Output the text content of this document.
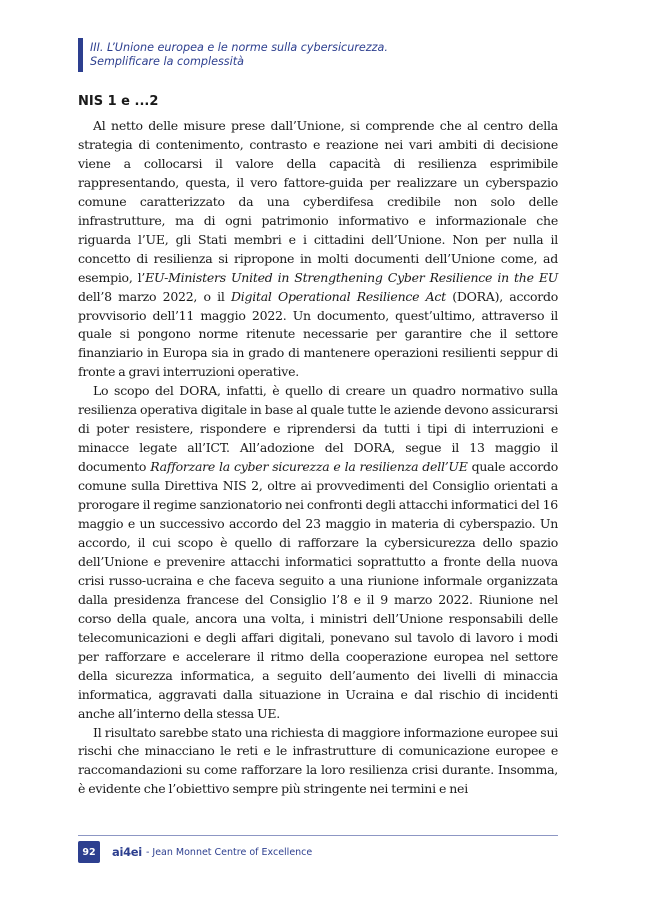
III. L’Unione europea e le norme sulla cybersicurezza.
Semplificare la complessità
NIS 1 e ...2

Al netto delle misure prese dall’Unione, si comprende che al centro della strategia di contenimento, contrasto e reazione nei vari ambiti di decisione viene a collocarsi il valore della capacità di resilienza esprimibile rappresentando, questa, il vero fattore-guida per realizzare un cyberspazio comune caratterizzato da una cyberdifesa credibile non solo delle infrastrutture, ma di ogni patrimonio informativo e informazionale che riguarda l’UE, gli Stati membri e i cittadini dell’Unione. Non per nulla il concetto di resilienza si ripropone in molti documenti dell’Unione come, ad esempio, l’EU-Ministers United in Strengthening Cyber Resilience in the EU dell’8 marzo 2022, o il Digital Operational Resilience Act (DORA), accordo provvisorio dell’11 maggio 2022. Un documento, quest’ultimo, attraverso il quale si pongono norme ritenute necessarie per garantire che il settore finanziario in Europa sia in grado di mantenere operazioni resilienti seppur di fronte a gravi interruzioni operative.

Lo scopo del DORA, infatti, è quello di creare un quadro normativo sulla resilienza operativa digitale in base al quale tutte le aziende devono assicurarsi di poter resistere, rispondere e riprendersi da tutti i tipi di interruzioni e minacce legate all’ICT. All’adozione del DORA, segue il 13 maggio il documento Rafforzare la cyber sicurezza e la resilienza dell’UE quale accordo comune sulla Direttiva NIS 2, oltre ai provvedimenti del Consiglio orientati a prorogare il regime sanzionatorio nei confronti degli attacchi informatici del 16 maggio e un successivo accordo del 23 maggio in materia di cyberspazio. Un accordo, il cui scopo è quello di rafforzare la cybersicurezza dello spazio dell’Unione e prevenire attacchi informatici soprattutto a fronte della nuova crisi russo-ucraina e che faceva seguito a una riunione informale organizzata dalla presidenza francese del Consiglio l’8 e il 9 marzo 2022. Riunione nel corso della quale, ancora una volta, i ministri dell’Unione responsabili delle telecomunicazioni e degli affari digitali, ponevano sul tavolo di lavoro i modi per rafforzare e accelerare il ritmo della cooperazione europea nel settore della sicurezza informatica, a seguito dell’aumento dei livelli di minaccia informatica, aggravati dalla situazione in Ucraina e dal rischio di incidenti anche all’interno della stessa UE.

Il risultato sarebbe stato una richiesta di maggiore informazione europee sui rischi che minacciano le reti e le infrastrutture di comunicazione europee e raccomandazioni su come rafforzare la loro resilienza crisi durante. Insomma, è evidente che l’obiettivo sempre più stringente nei termini e nei

92	ai4ei - Jean Monnet Centre of Excellence
